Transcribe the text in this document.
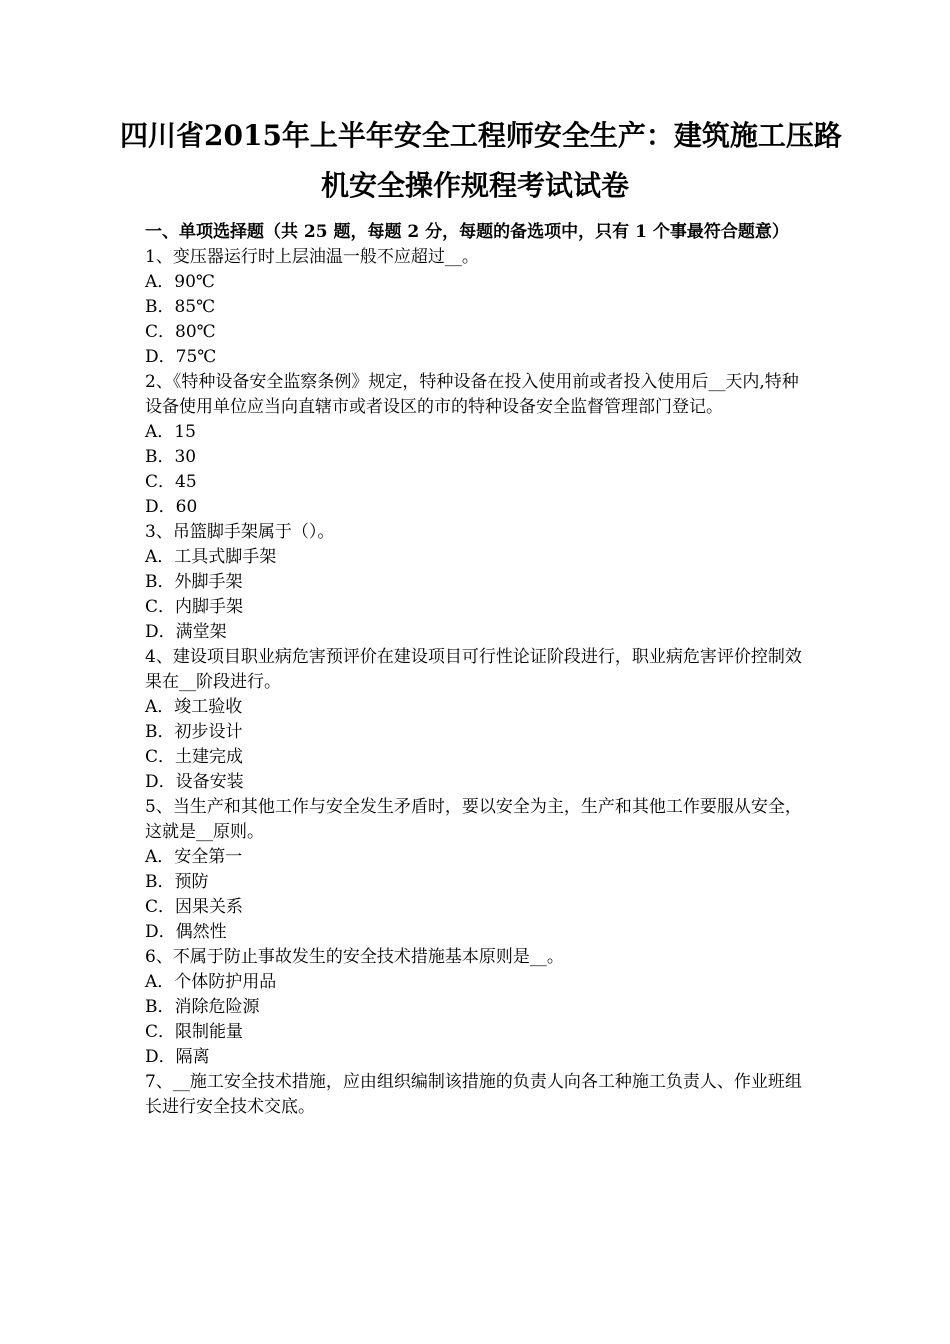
四川省2015年上半年安全工程师安全生产：建筑施工压路
机安全操作规程考试试卷

一、单项选择题（共 25 题，每题 2 分，每题的备选项中，只有 1 个事最符合题意）

1、变压器运行时上层油温一般不应超过__。

A．90℃

B．85℃

C．80℃

D．75℃

2、《特种设备安全监察条例》规定，特种设备在投入使用前或者投入使用后__天内,特种设备使用单位应当向直辖市或者设区的市的特种设备安全监督管理部门登记。

A．15

B．30

C．45

D．60

3、吊篮脚手架属于（）。

A．工具式脚手架

B．外脚手架

C．内脚手架

D．满堂架

4、建设项目职业病危害预评价在建设项目可行性论证阶段进行，职业病危害评价控制效果在__阶段进行。

A．竣工验收

B．初步设计

C．土建完成

D．设备安装

5、当生产和其他工作与安全发生矛盾时，要以安全为主，生产和其他工作要服从安全，这就是__原则。

A．安全第一

B．预防

C．因果关系

D．偶然性

6、不属于防止事故发生的安全技术措施基本原则是__。

A．个体防护用品

B．消除危险源

C．限制能量

D．隔离

7、__施工安全技术措施，应由组织编制该措施的负责人向各工种施工负责人、作业班组长进行安全技术交底。
